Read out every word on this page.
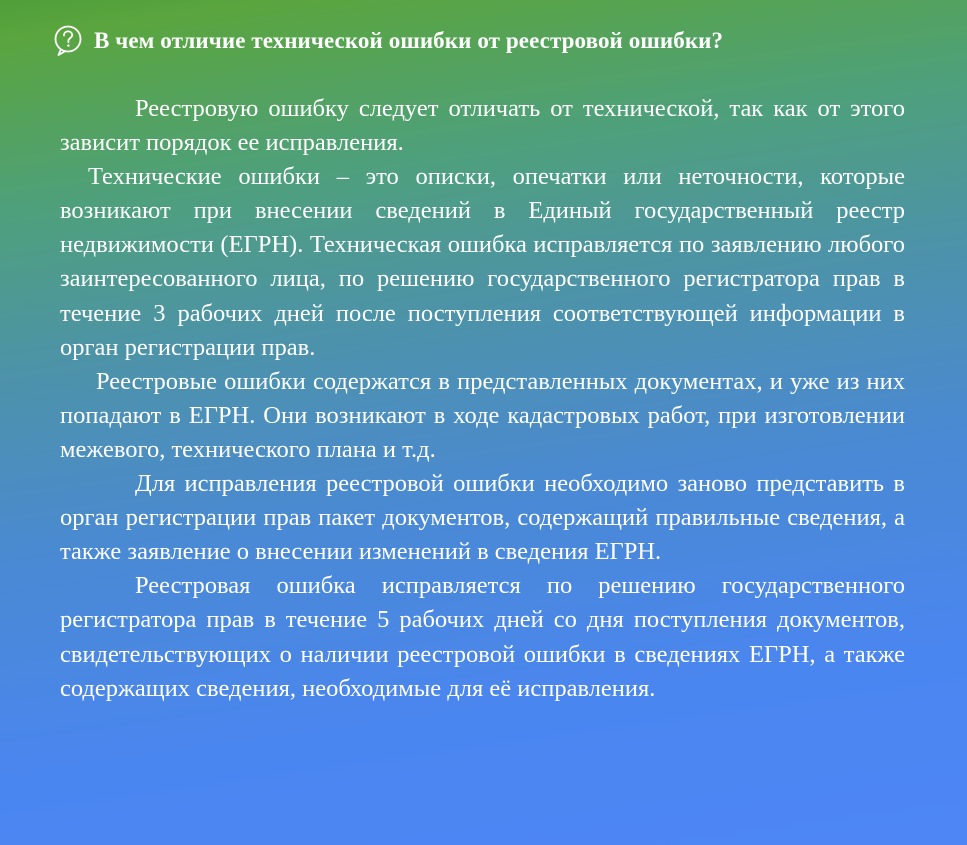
В чем отличие технической ошибки от реестровой ошибки?

Реестровую ошибку следует отличать от технической, так как от этого зависит порядок ее исправления.

Технические ошибки – это описки, опечатки или неточности, которые возникают при внесении сведений в Единый государственный реестр недвижимости (ЕГРН). Техническая ошибка исправляется по заявлению любого заинтересованного лица, по решению государственного регистратора прав в течение 3 рабочих дней после поступления соответствующей информации в орган регистрации прав.

Реестровые ошибки содержатся в представленных документах, и уже из них попадают в ЕГРН. Они возникают в ходе кадастровых работ, при изготовлении межевого, технического плана и т.д.

Для исправления реестровой ошибки необходимо заново представить в орган регистрации прав пакет документов, содержащий правильные сведения, а также заявление о внесении изменений в сведения ЕГРН.

Реестровая ошибка исправляется по решению государственного регистратора прав в течение 5 рабочих дней со дня поступления документов, свидетельствующих о наличии реестровой ошибки в сведениях ЕГРН, а также содержащих сведения, необходимые для её исправления.
